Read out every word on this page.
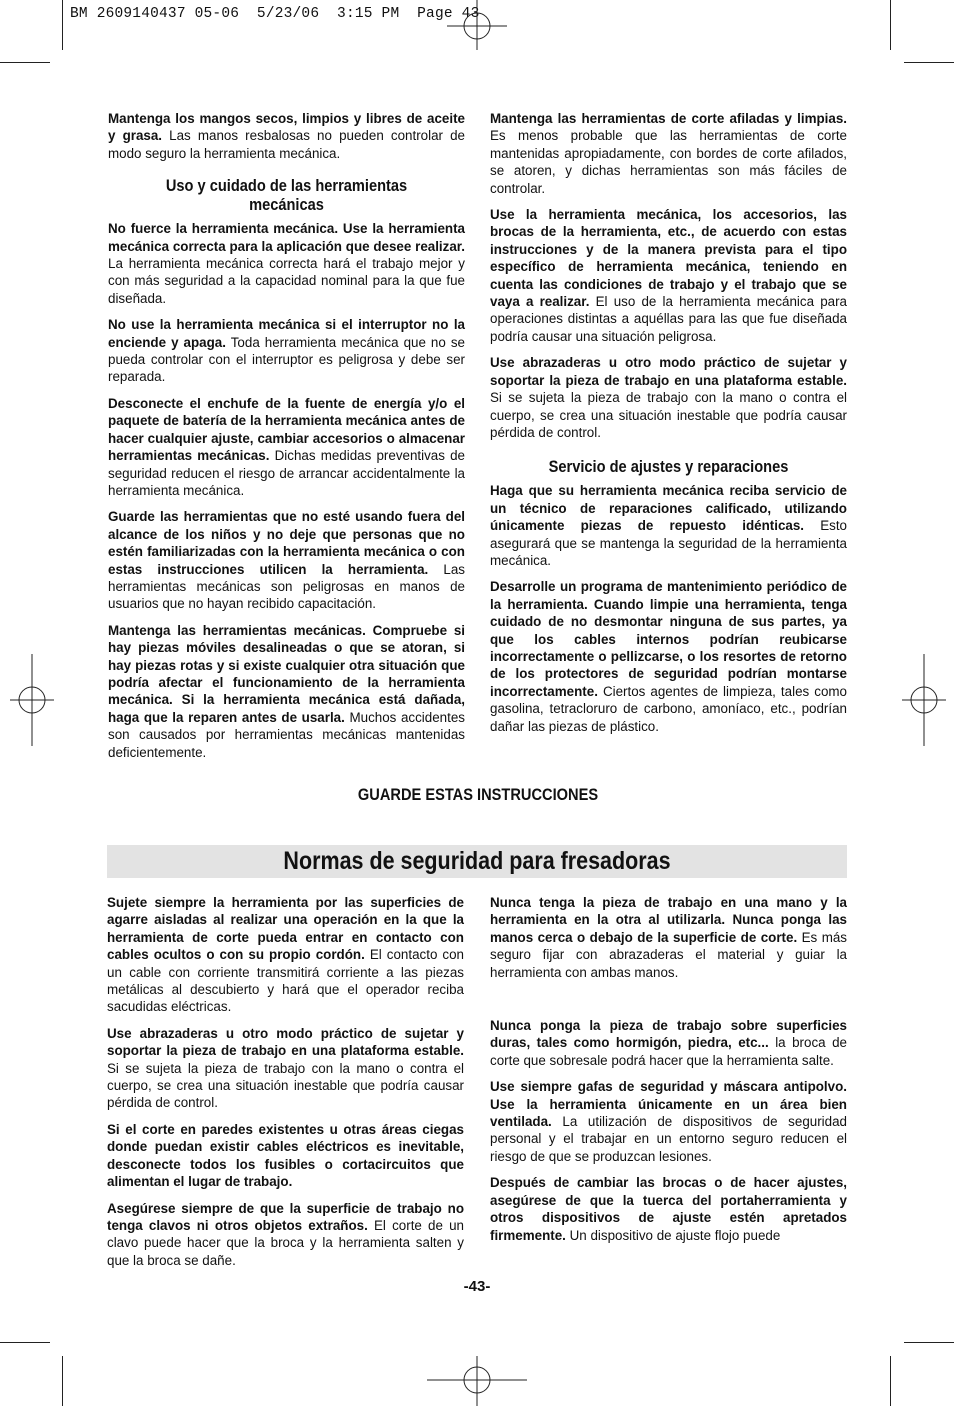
BM 2609140437 05-06  5/23/06  3:15 PM  Page 43

Mantenga los mangos secos, limpios y libres de aceite y grasa. Las manos resbalosas no pueden controlar de modo seguro la herramienta mecánica.

Uso y cuidado de las herramientas mecánicas

No fuerce la herramienta mecánica. Use la herramienta mecánica correcta para la aplicación que desee realizar. La herramienta mecánica correcta hará el trabajo mejor y con más seguridad a la capacidad nominal para la que fue diseñada.

No use la herramienta mecánica si el interruptor no la enciende y apaga. Toda herramienta mecánica que no se pueda controlar con el interruptor es peligrosa y debe ser reparada.

Desconecte el enchufe de la fuente de energía y/o el paquete de batería de la herramienta mecánica antes de hacer cualquier ajuste, cambiar accesorios o almacenar herramientas mecánicas. Dichas medidas preventivas de seguridad reducen el riesgo de arrancar accidentalmente la herramienta mecánica.

Guarde las herramientas que no esté usando fuera del alcance de los niños y no deje que personas que no estén familiarizadas con la herramienta mecánica o con estas instrucciones utilicen la herramienta. Las herramientas mecánicas son peligrosas en manos de usuarios que no hayan recibido capacitación.

Mantenga las herramientas mecánicas. Compruebe si hay piezas móviles desalineadas o que se atoran, si hay piezas rotas y si existe cualquier otra situación que podría afectar el funcionamiento de la herramienta mecánica. Si la herramienta mecánica está dañada, haga que la reparen antes de usarla. Muchos accidentes son causados por herramientas mecánicas mantenidas deficientemente.

Mantenga las herramientas de corte afiladas y limpias. Es menos probable que las herramientas de corte mantenidas apropiadamente, con bordes de corte afilados, se atoren, y dichas herramientas son más fáciles de controlar.

Use la herramienta mecánica, los accesorios, las brocas de la herramienta, etc., de acuerdo con estas instrucciones y de la manera prevista para el tipo específico de herramienta mecánica, teniendo en cuenta las condiciones de trabajo y el trabajo que se vaya a realizar. El uso de la herramienta mecánica para operaciones distintas a aquéllas para las que fue diseñada podría causar una situación peligrosa.

Use abrazaderas u otro modo práctico de sujetar y soportar la pieza de trabajo en una plataforma estable. Si se sujeta la pieza de trabajo con la mano o contra el cuerpo, se crea una situación inestable que podría causar pérdida de control.

Servicio de ajustes y reparaciones

Haga que su herramienta mecánica reciba servicio de un técnico de reparaciones calificado, utilizando únicamente piezas de repuesto idénticas. Esto asegurará que se mantenga la seguridad de la herramienta mecánica.

Desarrolle un programa de mantenimiento periódico de la herramienta. Cuando limpie una herramienta, tenga cuidado de no desmontar ninguna de sus partes, ya que los cables internos podrían reubicarse incorrectamente o pellizcarse, o los resortes de retorno de los protectores de seguridad podrían montarse incorrectamente. Ciertos agentes de limpieza, tales como gasolina, tetracloruro de carbono, amoníaco, etc., podrían dañar las piezas de plástico.

GUARDE ESTAS INSTRUCCIONES
Normas de seguridad para fresadoras

Sujete siempre la herramienta por las superficies de agarre aisladas al realizar una operación en la que la herramienta de corte pueda entrar en contacto con cables ocultos o con su propio cordón. El contacto con un cable con corriente transmitirá corriente a las piezas metálicas al descubierto y hará que el operador reciba sacudidas eléctricas.

Use abrazaderas u otro modo práctico de sujetar y soportar la pieza de trabajo en una plataforma estable. Si se sujeta la pieza de trabajo con la mano o contra el cuerpo, se crea una situación inestable que podría causar pérdida de control.

Si el corte en paredes existentes u otras áreas ciegas donde puedan existir cables eléctricos es inevitable, desconecte todos los fusibles o cortacircuitos que alimentan el lugar de trabajo.

Asegúrese siempre de que la superficie de trabajo no tenga clavos ni otros objetos extraños. El corte de un clavo puede hacer que la broca y la herramienta salten y que la broca se dañe.

Nunca tenga la pieza de trabajo en una mano y la herramienta en la otra al utilizarla. Nunca ponga las manos cerca o debajo de la superficie de corte. Es más seguro fijar con abrazaderas el material y guiar la herramienta con ambas manos.

Nunca ponga la pieza de trabajo sobre superficies duras, tales como hormigón, piedra, etc... la broca de corte que sobresale podrá hacer que la herramienta salte.

Use siempre gafas de seguridad y máscara antipolvo. Use la herramienta únicamente en un área bien ventilada. La utilización de dispositivos de seguridad personal y el trabajar en un entorno seguro reducen el riesgo de que se produzcan lesiones.

Después de cambiar las brocas o de hacer ajustes, asegúrese de que la tuerca del portaherramienta y otros dispositivos de ajuste estén apretados firmemente. Un dispositivo de ajuste flojo puede

-43-
